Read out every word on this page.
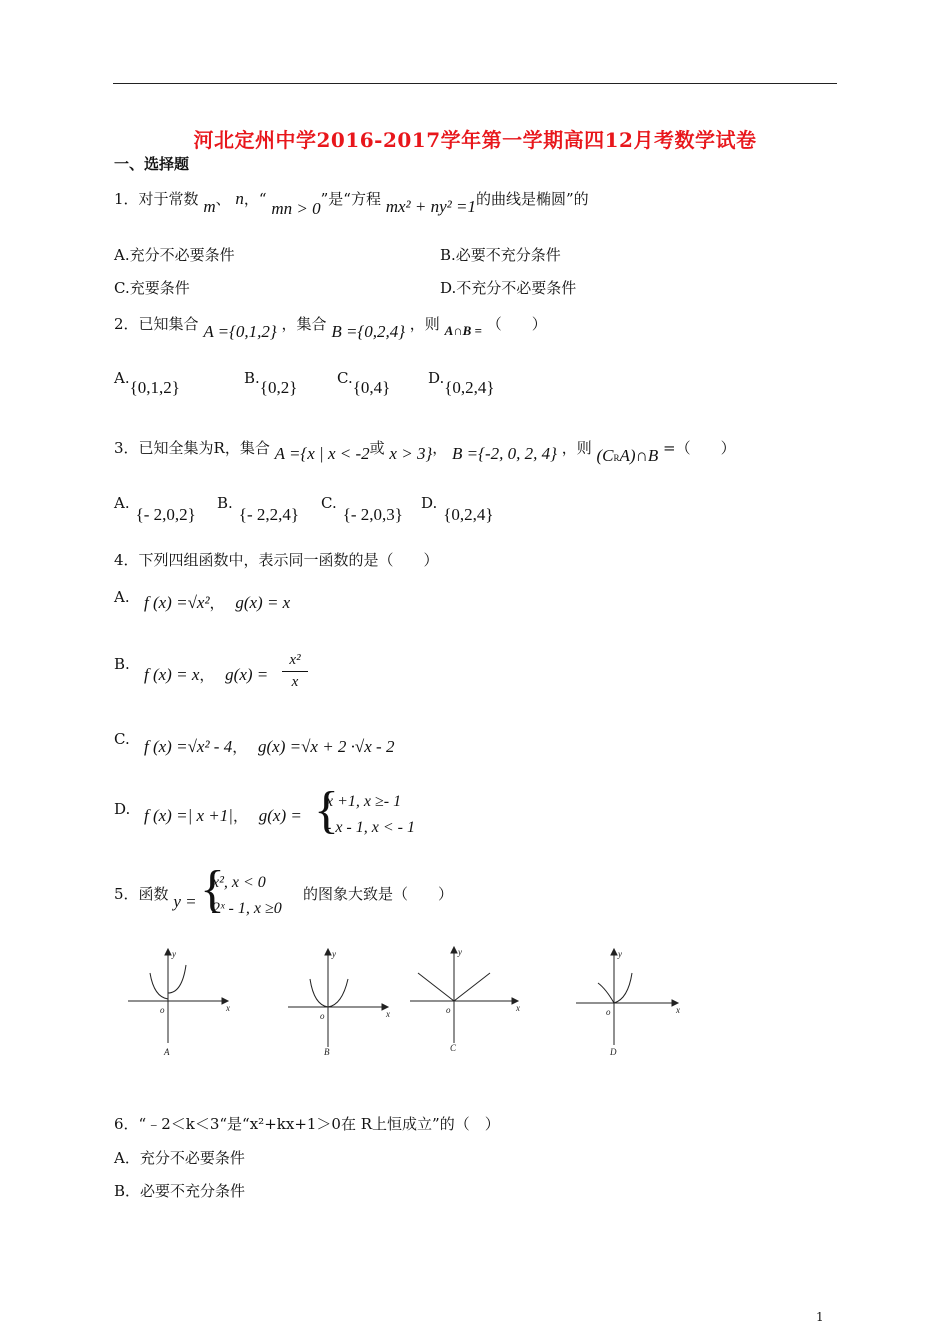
河北定州中学2016-2017学年第一学期高四12月考数学试卷
一、选择题
1．对于常数 m、 n，“ mn > 0”是“方程 mx² + ny² =1的曲线是椭圆”的
A.充分不必要条件	B.必要不充分条件
C.充要条件	D.不充分不必要条件
2．已知集合 A ={0,1,2} ，集合 B ={0,2,4} ，则 A∩B = （　　）
A.{0,1,2}	B.{0,2}	C.{0,4}	D.{0,2,4}
3．已知全集为R，集合 A ={x | x < -2或 x > 3}， B ={-2, 0, 2, 4} ，则 (CRA)∩B =（　　）
A.{- 2,0,2}
B.{- 2,2,4}
C.{- 2,0,3}
D.{0,2,4}
4．下列四组函数中，表示同一函数的是（　　）
A. f (x) =√x²， g(x) = x
B.
f (x) = x， g(x) =
x²
x
C. f (x) =√x² - 4， g(x) =√x + 2 ·√x - 2
D. f (x) =| x +1|， g(x) = {
x +1, x ≥- 1
- x - 1, x < - 1
5．函数 y = {
x², x < 0
2ˣ - 1, x ≥0
的图象大致是（　　）
y
x
o
A
y
x
o
B
y
x
o
C
y
x
o
D
6．“﹣2＜k＜3“是“x²+kx+1＞0在 R上恒成立”的（　）
A．充分不必要条件
B．必要不充分条件
1
